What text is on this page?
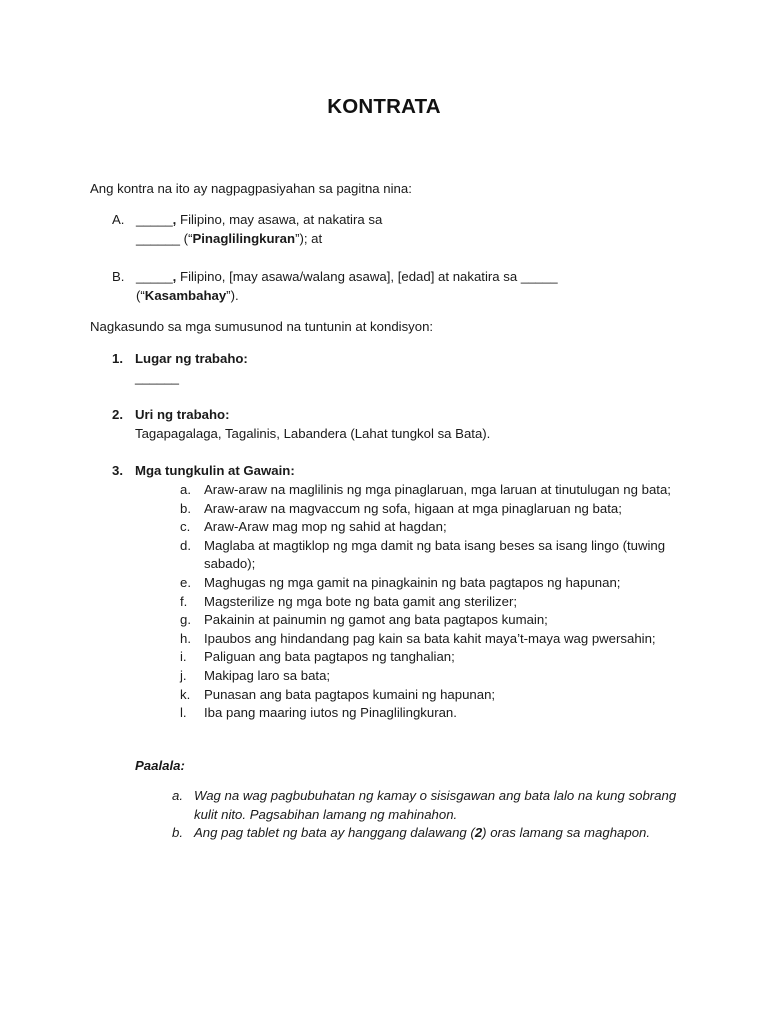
KONTRATA
Ang kontra na ito ay nagpagpasiyahan sa pagitna nina:
A. _____, Filipino, may asawa, at nakatira sa
______ (“Pinaglilingkuran”); at
B. _____, Filipino, [may asawa/walang asawa], [edad] at nakatira sa _____
(“Kasambahay”).
Nagkasundo sa mga sumusunod na tuntunin at kondisyon:
1. Lugar ng trabaho:
______
2. Uri ng trabaho:
Tagapagalaga, Tagalinis, Labandera (Lahat tungkol sa Bata).
3. Mga tungkulin at Gawain:
a. Araw-araw na maglilinis ng mga pinaglaruan, mga laruan at tinutulugan ng bata;
b. Araw-araw na magvaccum ng sofa, higaan at mga pinaglaruan ng bata;
c. Araw-Araw mag mop ng sahid at hagdan;
d. Maglaba at magtiklop ng mga damit ng bata isang beses sa isang lingo (tuwing sabado);
e. Maghugas ng mga gamit na pinagkainin ng bata pagtapos ng hapunan;
f. Magsterilize ng mga bote ng bata gamit ang sterilizer;
g. Pakainin at painumin ng gamot ang bata pagtapos kumain;
h. Ipaubos ang hindandang pag kain sa bata kahit maya’t-maya wag pwersahin;
i. Paliguan ang bata pagtapos ng tanghalian;
j. Makipag laro sa bata;
k. Punasan ang bata pagtapos kumaini ng hapunan;
l. Iba pang maaring iutos ng Pinaglilingkuran.
Paalala:
a. Wag na wag pagbubuhatan ng kamay o sisisgawan ang bata lalo na kung sobrang kulit nito. Pagsabihan lamang ng mahinahon.
b. Ang pag tablet ng bata ay hanggang dalawang (2) oras lamang sa maghapon.
